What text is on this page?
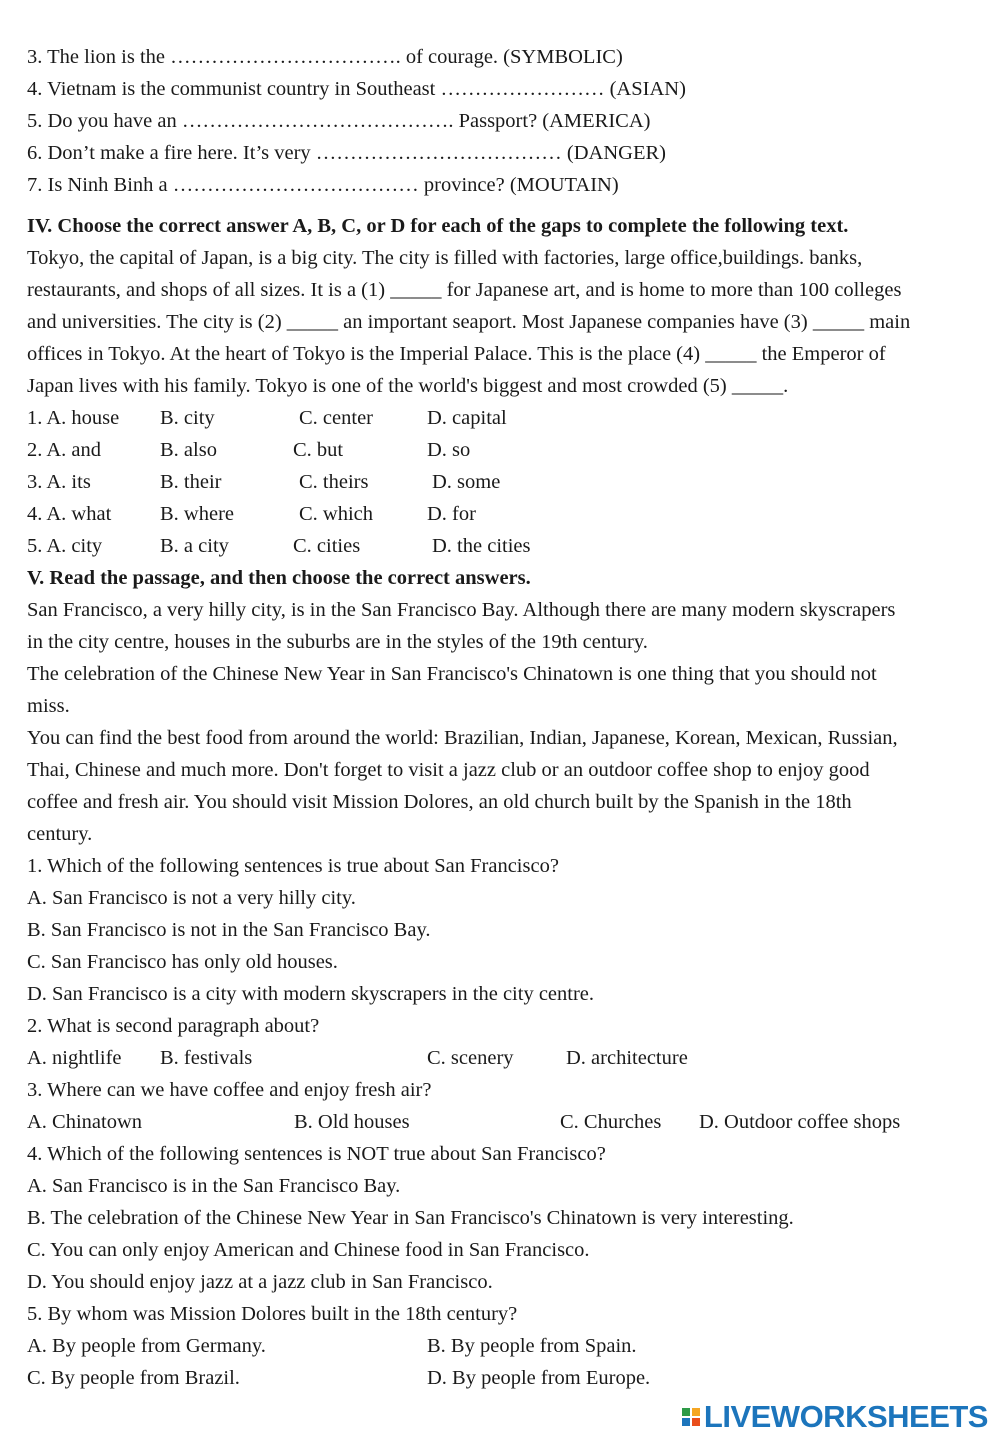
3. The lion is the ……………………………. of courage. (SYMBOLIC)
4. Vietnam is the communist country in Southeast …………………… (ASIAN)
5. Do you have an …………………………………. Passport? (AMERICA)
6. Don’t make a fire here. It’s very ……………………………… (DANGER)
7. Is Ninh Binh a ……………………………… province? (MOUTAIN)
IV. Choose the correct answer A, B, C, or D for each of the gaps to complete the following text.
Tokyo, the capital of Japan, is a big city. The city is filled with factories, large office,buildings. banks,
restaurants, and shops of all sizes. It is a (1) _____ for Japanese art, and is home to more than 100 colleges
and universities. The city is (2) _____ an important seaport. Most Japanese companies have (3) _____ main
offices in Tokyo. At the heart of Tokyo is the Imperial Palace. This is the place (4) _____ the Emperor of
Japan lives with his family. Tokyo is one of the world's biggest and most crowded (5) _____.
1. A. house B. city	C. center	D. capital
2. A. and	B. also	C. but	D. so
3. A. its	B. their	C. theirs	D. some
4. A. what B. where	C. which	D. for
5. A. city	B. a city	C. cities	D. the cities
V. Read the passage, and then choose the correct answers.
San Francisco, a very hilly city, is in the San Francisco Bay. Although there are many modern skyscrapers
in the city centre, houses in the suburbs are in the styles of the 19th century.
The celebration of the Chinese New Year in San Francisco's Chinatown is one thing that you should not
miss.
You can find the best food from around the world: Brazilian, Indian, Japanese, Korean, Mexican, Russian,
Thai, Chinese and much more. Don't forget to visit a jazz club or an outdoor coffee shop to enjoy good
coffee and fresh air. You should visit Mission Dolores, an old church built by the Spanish in the 18th
century.
1. Which of the following sentences is true about San Francisco?
A. San Francisco is not a very hilly city.
B. San Francisco is not in the San Francisco Bay.
C. San Francisco has only old houses.
D. San Francisco is a city with modern skyscrapers in the city centre.
2. What is second paragraph about?
A. nightlife B. festivals	C. scenery	D. architecture
3. Where can we have coffee and enjoy fresh air?
A. Chinatown	B. Old houses	C. Churches D. Outdoor coffee shops
4. Which of the following sentences is NOT true about San Francisco?
A. San Francisco is in the San Francisco Bay.
B. The celebration of the Chinese New Year in San Francisco's Chinatown is very interesting.
C. You can only enjoy American and Chinese food in San Francisco.
D. You should enjoy jazz at a jazz club in San Francisco.
5. By whom was Mission Dolores built in the 18th century?
A. By people from Germany.	B. By people from Spain.
C. By people from Brazil.	D. By people from Europe.
LIVEWORKSHEETS
